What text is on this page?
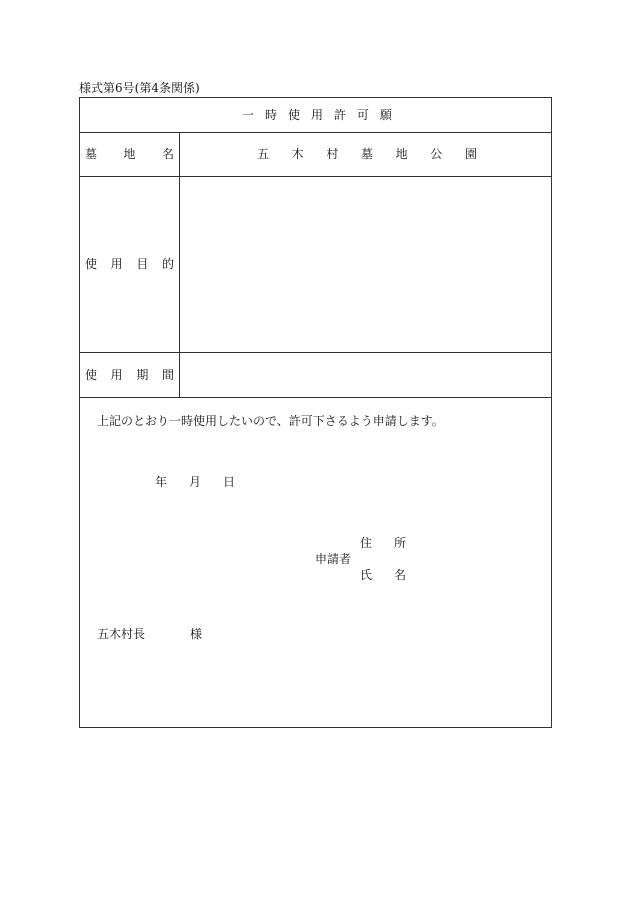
様式第6号(第4条関係)
一 時 使 用 許 可 願
墓 地 名	五 木 村 墓 地 公 園
使 用 目 的
使 用 期 間
上記のとおり一時使用したいので、許可下さるよう申請します。
年 月 日
申請者
住 所
氏 名
五木村長	様
